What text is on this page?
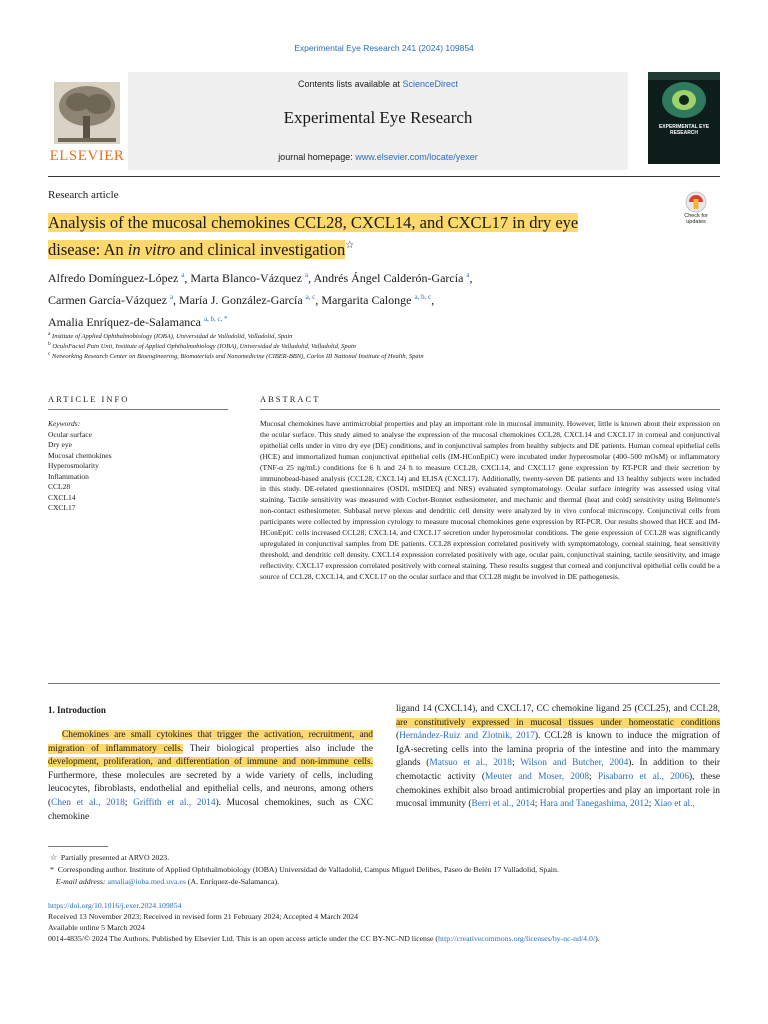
Experimental Eye Research 241 (2024) 109854
Contents lists available at ScienceDirect
Experimental Eye Research
journal homepage: www.elsevier.com/locate/yexer
ELSEVIER
EXPERIMENTAL EYE RESEARCH
Research article
Check for updates
Analysis of the mucosal chemokines CCL28, CXCL14, and CXCL17 in dry eye disease: An in vitro and clinical investigation☆
Alfredo Domínguez-López $^a$, Marta Blanco-Vázquez $^a$, Andrés Ángel Calderón-García $^a$,
Carmen García-Vázquez $^a$, María J. González-García $^{a, c}$, Margarita Calonge $^{a, b, c}$,
Amalia Enríquez-de-Salamanca $^{a, b, c, *}$
$^a$ Institute of Applied Ophthalmobiology (IOBA), Universidad de Valladolid, Valladolid, Spain
$^b$ OculoFacial Pain Unit, Institute of Applied Ophthalmobiology (IOBA), Universidad de Valladolid, Valladolid, Spain
$^c$ Networking Research Center on Bioengineering, Biomaterials and Nanomedicine (CIBER-BBN), Carlos III National Institute of Health, Spain
ARTICLE INFO	ABSTRACT
Keywords:
Ocular surface
Dry eye
Mucosal chemokines
Hyperosmolarity
Inflammation
CCL28
CXCL14
CXCL17
Mucosal chemokines have antimicrobial properties and play an important role in mucosal immunity. However, little is known about their expression on the ocular surface. This study aimed to analyse the expression of the mucosal chemokines CCL28, CXCL14 and CXCL17 in corneal and conjunctival epithelial cells under in vitro dry eye (DE) conditions, and in conjunctival samples from healthy subjects and DE patients. Human corneal epithelial cells (HCE) and immortalized human conjunctival epithelial cells (IM-HConEpiC) were incubated under hyperosmolar (400–500 mOsM) or inflammatory (TNF-α 25 ng/mL) conditions for 6 h and 24 h to measure CCL28, CXCL14, and CXCL17 gene expression by RT-PCR and their secretion by immunobead-based analysis (CCL28, CXCL14) and ELISA (CXCL17). Additionally, twenty-seven DE patients and 13 healthy subjects were included in this study. DE-related questionnaires (OSDI, mSIDEQ and NRS) evaluated symptomatology. Ocular surface integrity was assessed using vital staining. Tactile sensitivity was measured with Cochet-Bonnet esthesiometer, and mechanic and thermal (heat and cold) sensitivity using Belmonte's non-contact esthesiometer. Subbasal nerve plexus and dendritic cell density were analyzed by in vivo confocal microscopy. Conjunctival cells from participants were collected by impression cytology to measure mucosal chemokines gene expression by RT-PCR. Our results showed that HCE and IM-HConEpiC cells increased CCL28, CXCL14, and CXCL17 secretion under hyperosmolar conditions. The gene expression of CCL28 was significantly upregulated in conjunctival samples from DE patients. CCL28 expression correlated positively with symptomatology, corneal staining, heat sensitivity threshold, and dendritic cell density. CXCL14 expression correlated positively with age, ocular pain, conjunctival staining, tactile sensitivity, and image reflectivity. CXCL17 expression correlated positively with corneal staining. These results suggest that corneal and conjunctival epithelial cells could be a source of CCL28, CXCL14, and CXCL17 on the ocular surface and that CCL28 might be involved in DE pathogenesis.
1. Introduction
Chemokines are small cytokines that trigger the activation, recruitment, and migration of inflammatory cells. Their biological properties also include the development, proliferation, and differentiation of immune and non-immune cells. Furthermore, these molecules are secreted by a wide variety of cells, including leucocytes, fibroblasts, endothelial and epithelial cells, and neurons, among others (Chen et al., 2018; Griffith et al., 2014). Mucosal chemokines, such as CXC chemokine
ligand 14 (CXCL14), and CXCL17, CC chemokine ligand 25 (CCL25), and CCL28, are constitutively expressed in mucosal tissues under homeostatic conditions (Hernández-Ruiz and Zlotnik, 2017). CCL28 is known to induce the migration of IgA-secreting cells into the lamina propria of the intestine and into the mammary glands (Matsuo et al., 2018; Wilson and Butcher, 2004). In addition to their chemotactic activity (Meuter and Moser, 2008; Pisabarro et al., 2006), these chemokines exhibit also broad antimicrobial properties and play an important role in mucosal immunity (Berri et al., 2014; Hara and Tanegashima, 2012; Xiao et al.,
☆ Partially presented at ARVO 2023.
* Corresponding author. Institute of Applied Ophthalmobiology (IOBA) Universidad de Valladolid, Campus Miguel Delibes, Paseo de Belén 17 Valladolid, Spain.
E-mail address: amalia@ioba.med.uva.es (A. Enríquez-de-Salamanca).
https://doi.org/10.1016/j.exer.2024.109854
Received 13 November 2023; Received in revised form 21 February 2024; Accepted 4 March 2024
Available online 5 March 2024
0014-4835/© 2024 The Authors. Published by Elsevier Ltd. This is an open access article under the CC BY-NC-ND license (http://creativecommons.org/licenses/by-nc-nd/4.0/).
